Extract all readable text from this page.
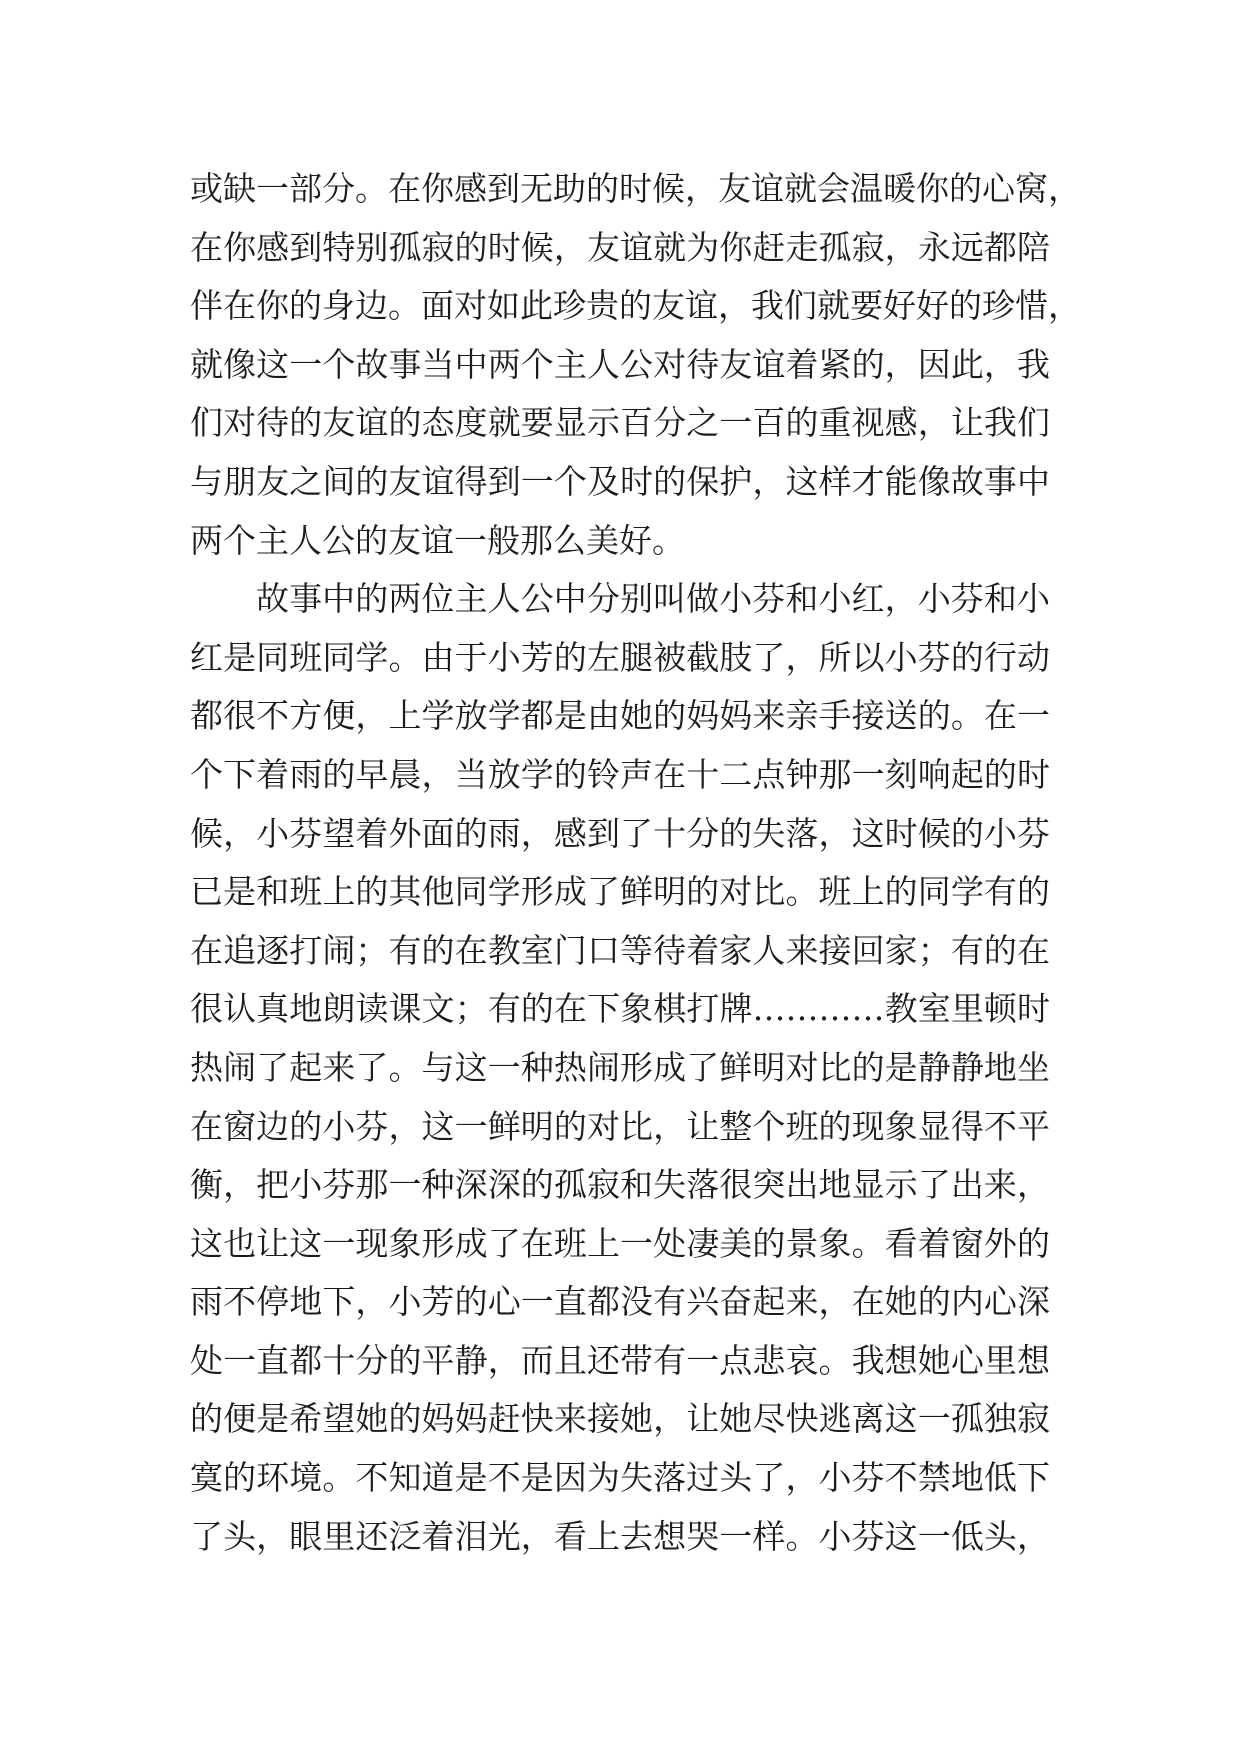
或缺一部分。在你感到无助的时候，友谊就会温暖你的心窝，
在你感到特别孤寂的时候，友谊就为你赶走孤寂，永远都陪
伴在你的身边。面对如此珍贵的友谊，我们就要好好的珍惜，
就像这一个故事当中两个主人公对待友谊着紧的，因此，我
们对待的友谊的态度就要显示百分之一百的重视感，让我们
与朋友之间的友谊得到一个及时的保护，这样才能像故事中
两个主人公的友谊一般那么美好。
故事中的两位主人公中分别叫做小芬和小红，小芬和小
红是同班同学。由于小芳的左腿被截肢了，所以小芬的行动
都很不方便，上学放学都是由她的妈妈来亲手接送的。在一
个下着雨的早晨，当放学的铃声在十二点钟那一刻响起的时
候，小芬望着外面的雨，感到了十分的失落，这时候的小芬
已是和班上的其他同学形成了鲜明的对比。班上的同学有的
在追逐打闹；有的在教室门口等待着家人来接回家；有的在
很认真地朗读课文；有的在下象棋打牌…………教室里顿时
热闹了起来了。与这一种热闹形成了鲜明对比的是静静地坐
在窗边的小芬，这一鲜明的对比，让整个班的现象显得不平
衡，把小芬那一种深深的孤寂和失落很突出地显示了出来，
这也让这一现象形成了在班上一处凄美的景象。看着窗外的
雨不停地下，小芳的心一直都没有兴奋起来，在她的内心深
处一直都十分的平静，而且还带有一点悲哀。我想她心里想
的便是希望她的妈妈赶快来接她，让她尽快逃离这一孤独寂
寞的环境。不知道是不是因为失落过头了，小芬不禁地低下
了头，眼里还泛着泪光，看上去想哭一样。小芬这一低头，
